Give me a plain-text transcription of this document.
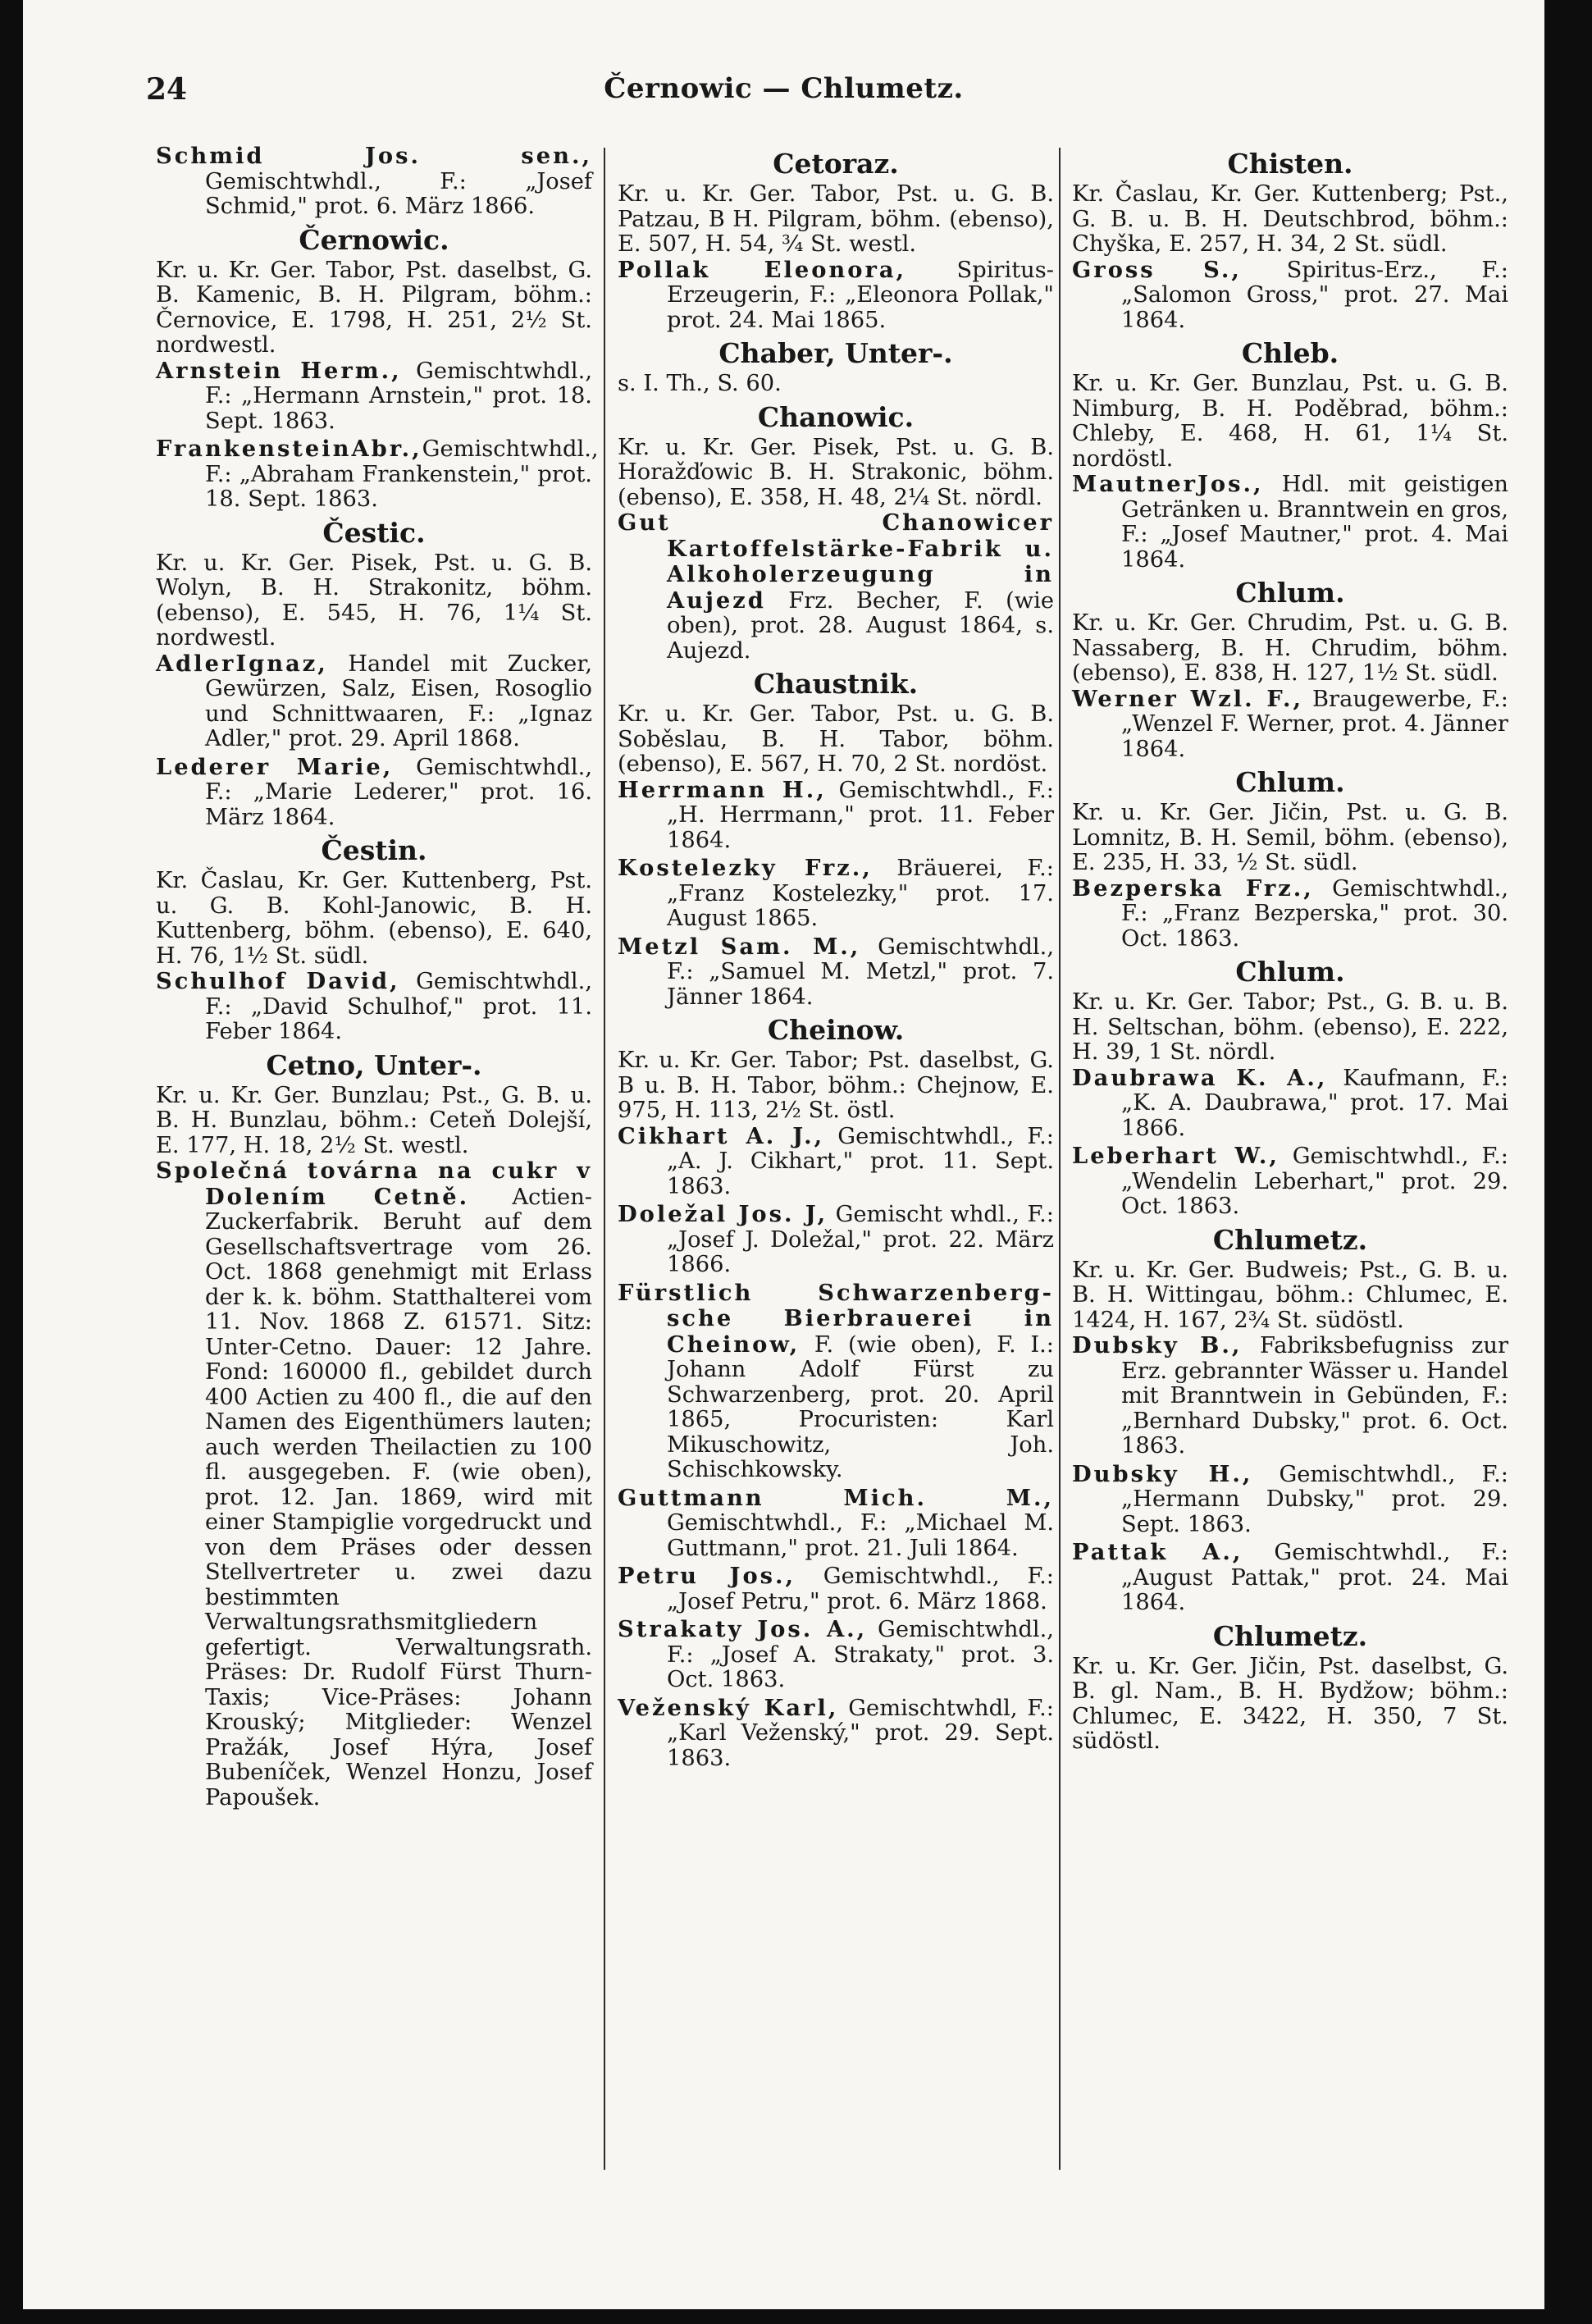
24	Černowic — Chlumetz.

Schmid Jos. sen., Gemischtwhdl., F.: „Josef Schmid," prot. 6. März 1866.

Černowic.

Kr. u. Kr. Ger. Tabor, Pst. daselbst, G. B. Kamenic, B. H. Pilgram, böhm.: Černovice, E. 1798, H. 251, 2½ St. nordwestl.

Arnstein Herm., Gemischtwhdl., F.: „Hermann Arnstein," prot. 18. Sept. 1863.

FrankensteinAbr.,Gemischtwhdl., F.: „Abraham Frankenstein," prot. 18. Sept. 1863.

Čestic.

Kr. u. Kr. Ger. Pisek, Pst. u. G. B. Wolyn, B. H. Strakonitz, böhm. (ebenso), E. 545, H. 76, 1¼ St. nordwestl.

AdlerIgnaz, Handel mit Zucker, Gewürzen, Salz, Eisen, Rosoglio und Schnittwaaren, F.: „Ignaz Adler," prot. 29. April 1868.

Lederer Marie, Gemischtwhdl., F.: „Marie Lederer," prot. 16. März 1864.

Čestin.

Kr. Časlau, Kr. Ger. Kuttenberg, Pst. u. G. B. Kohl-Janowic, B. H. Kuttenberg, böhm. (ebenso), E. 640, H. 76, 1½ St. südl.

Schulhof David, Gemischtwhdl., F.: „David Schulhof," prot. 11. Feber 1864.

Cetno, Unter-.

Kr. u. Kr. Ger. Bunzlau; Pst., G. B. u. B. H. Bunzlau, böhm.: Ceteň Dolejší, E. 177, H. 18, 2½ St. westl.

Společná továrna na cukr v Dolením Cetně. Actien-Zuckerfabrik. Beruht auf dem Gesellschaftsvertrage vom 26. Oct. 1868 genehmigt mit Erlass der k. k. böhm. Statthalterei vom 11. Nov. 1868 Z. 61571. Sitz: Unter-Cetno. Dauer: 12 Jahre. Fond: 160000 fl., gebildet durch 400 Actien zu 400 fl., die auf den Namen des Eigenthümers lauten; auch werden Theilactien zu 100 fl. ausgegeben. F. (wie oben), prot. 12. Jan. 1869, wird mit einer Stampiglie vorgedruckt und von dem Präses oder dessen Stellvertreter u. zwei dazu bestimmten Verwaltungsrathsmitgliedern gefertigt. Verwaltungsrath. Präses: Dr. Rudolf Fürst Thurn-Taxis; Vice-Präses: Johann Krouský; Mitglieder: Wenzel Pražák, Josef Hýra, Josef Bubeníček, Wenzel Honzu, Josef Papoušek.

Cetoraz.

Kr. u. Kr. Ger. Tabor, Pst. u. G. B. Patzau, B H. Pilgram, böhm. (ebenso), E. 507, H. 54, ¾ St. westl.

Pollak Eleonora, Spiritus-Erzeugerin, F.: „Eleonora Pollak," prot. 24. Mai 1865.

Chaber, Unter-.

s. I. Th., S. 60.

Chanowic.

Kr. u. Kr. Ger. Pisek, Pst. u. G. B. Horažďowic B. H. Strakonic, böhm. (ebenso), E. 358, H. 48, 2¼ St. nördl.

Gut Chanowicer Kartoffelstärke-Fabrik u. Alkoholerzeugung in Aujezd Frz. Becher, F. (wie oben), prot. 28. August 1864, s. Aujezd.

Chaustnik.

Kr. u. Kr. Ger. Tabor, Pst. u. G. B. Soběslau, B. H. Tabor, böhm. (ebenso), E. 567, H. 70, 2 St. nordöst.

Herrmann H., Gemischtwhdl., F.: „H. Herrmann," prot. 11. Feber 1864.

Kostelezky Frz., Bräuerei, F.: „Franz Kostelezky," prot. 17. August 1865.

Metzl Sam. M., Gemischtwhdl., F.: „Samuel M. Metzl," prot. 7. Jänner 1864.

Cheinow.

Kr. u. Kr. Ger. Tabor; Pst. daselbst, G. B u. B. H. Tabor, böhm.: Chejnow, E. 975, H. 113, 2½ St. östl.

Cikhart A. J., Gemischtwhdl., F.: „A. J. Cikhart," prot. 11. Sept. 1863.

Doležal Jos. J, Gemischt whdl., F.: „Josef J. Doležal," prot. 22. März 1866.

Fürstlich Schwarzenberg-sche Bierbrauerei in Cheinow, F. (wie oben), F. I.: Johann Adolf Fürst zu Schwarzenberg, prot. 20. April 1865, Procuristen: Karl Mikuschowitz, Joh. Schischkowsky.

Guttmann Mich. M., Gemischtwhdl., F.: „Michael M. Guttmann," prot. 21. Juli 1864.

Petru Jos., Gemischtwhdl., F.: „Josef Petru," prot. 6. März 1868.

Strakaty Jos. A., Gemischtwhdl., F.: „Josef A. Strakaty," prot. 3. Oct. 1863.

Veženský Karl, Gemischtwhdl, F.: „Karl Veženský," prot. 29. Sept. 1863.

Chisten.

Kr. Časlau, Kr. Ger. Kuttenberg; Pst., G. B. u. B. H. Deutschbrod, böhm.: Chyška, E. 257, H. 34, 2 St. südl.

Gross S., Spiritus-Erz., F.: „Salomon Gross," prot. 27. Mai 1864.

Chleb.

Kr. u. Kr. Ger. Bunzlau, Pst. u. G. B. Nimburg, B. H. Poděbrad, böhm.: Chleby, E. 468, H. 61, 1¼ St. nordöstl.

MautnerJos., Hdl. mit geistigen Getränken u. Branntwein en gros, F.: „Josef Mautner," prot. 4. Mai 1864.

Chlum.

Kr. u. Kr. Ger. Chrudim, Pst. u. G. B. Nassaberg, B. H. Chrudim, böhm. (ebenso), E. 838, H. 127, 1½ St. südl.

Werner Wzl. F., Braugewerbe, F.: „Wenzel F. Werner, prot. 4. Jänner 1864.

Chlum.

Kr. u. Kr. Ger. Jičin, Pst. u. G. B. Lomnitz, B. H. Semil, böhm. (ebenso), E. 235, H. 33, ½ St. südl.

Bezperska Frz., Gemischtwhdl., F.: „Franz Bezperska," prot. 30. Oct. 1863.

Chlum.

Kr. u. Kr. Ger. Tabor; Pst., G. B. u. B. H. Seltschan, böhm. (ebenso), E. 222, H. 39, 1 St. nördl.

Daubrawa K. A., Kaufmann, F.: „K. A. Daubrawa," prot. 17. Mai 1866.

Leberhart W., Gemischtwhdl., F.: „Wendelin Leberhart," prot. 29. Oct. 1863.

Chlumetz.

Kr. u. Kr. Ger. Budweis; Pst., G. B. u. B. H. Wittingau, böhm.: Chlumec, E. 1424, H. 167, 2¾ St. südöstl.

Dubsky B., Fabriksbefugniss zur Erz. gebrannter Wässer u. Handel mit Branntwein in Gebünden, F.: „Bernhard Dubsky," prot. 6. Oct. 1863.

Dubsky H., Gemischtwhdl., F.: „Hermann Dubsky," prot. 29. Sept. 1863.

Pattak A., Gemischtwhdl., F.: „August Pattak," prot. 24. Mai 1864.

Chlumetz.

Kr. u. Kr. Ger. Jičin, Pst. daselbst, G. B. gl. Nam., B. H. Bydžow; böhm.: Chlumec, E. 3422, H. 350, 7 St. südöstl.
